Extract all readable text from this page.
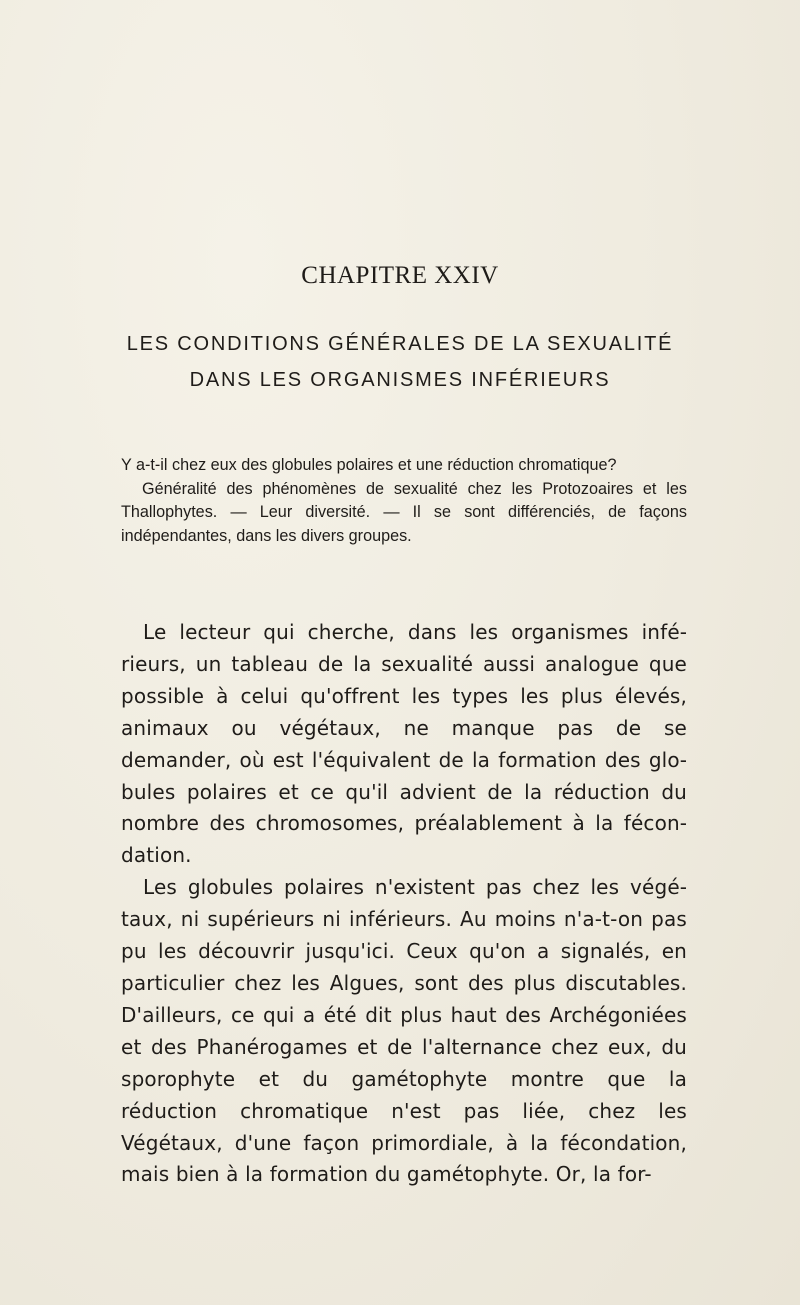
CHAPITRE XXIV
LES CONDITIONS GÉNÉRALES DE LA SEXUALITÉ
DANS LES ORGANISMES INFÉRIEURS

Y a-t-il chez eux des globules polaires et une réduction chromatique?

Généralité des phénomènes de sexualité chez les Protozoaires et les Thallophytes. — Leur diversité. — Il se sont différenciés, de façons indépendantes, dans les divers groupes.

Le lecteur qui cherche, dans les organismes inférieurs, un tableau de la sexualité aussi analogue que possible à celui qu'offrent les types les plus élevés, animaux ou végétaux, ne manque pas de se demander, où est l'équivalent de la formation des globules polaires et ce qu'il advient de la réduction du nombre des chromosomes, préalablement à la fécondation.

Les globules polaires n'existent pas chez les végétaux, ni supérieurs ni inférieurs. Au moins n'a-t-on pas pu les découvrir jusqu'ici. Ceux qu'on a signalés, en particulier chez les Algues, sont des plus discutables. D'ailleurs, ce qui a été dit plus haut des Archégoniées et des Phanérogames et de l'alternance chez eux, du sporophyte et du gamétophyte montre que la réduction chromatique n'est pas liée, chez les Végétaux, d'une façon primordiale, à la fécondation, mais bien à la formation du gamétophyte. Or, la for-
